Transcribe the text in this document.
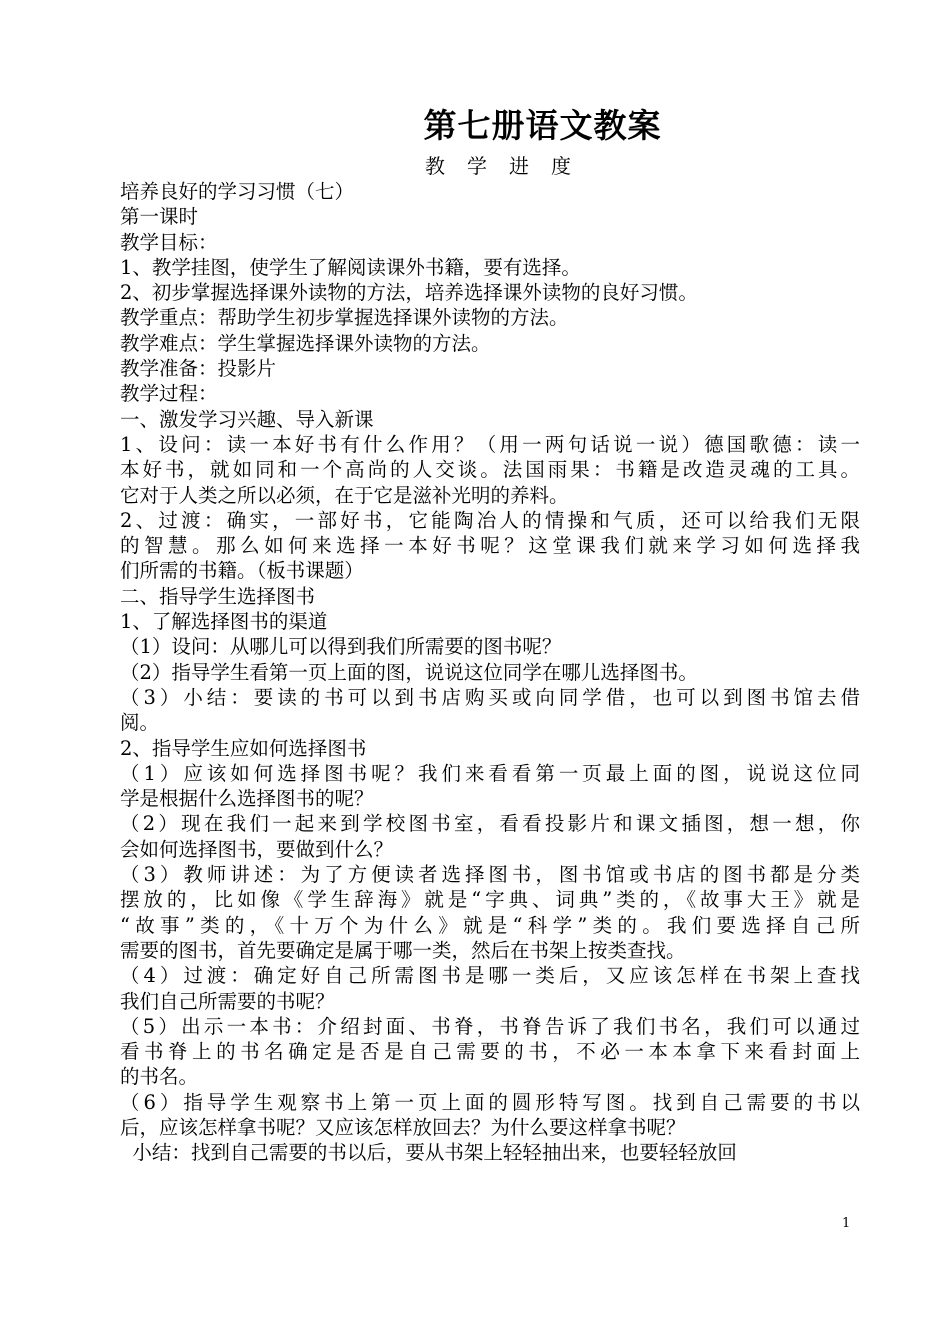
第七册语文教案
教学进度
培养良好的学习习惯（七）
第一课时
教学目标：
1、教学挂图，使学生了解阅读课外书籍，要有选择。
2、初步掌握选择课外读物的方法，培养选择课外读物的良好习惯。
教学重点：帮助学生初步掌握选择课外读物的方法。
教学难点：学生掌握选择课外读物的方法。
教学准备：投影片
教学过程：
一、激发学习兴趣、导入新课
1、设问：读一本好书有什么作用？（用一两句话说一说）德国歌德：读一
本好书，就如同和一个高尚的人交谈。法国雨果：书籍是改造灵魂的工具。
它对于人类之所以必须，在于它是滋补光明的养料。
2、过渡：确实，一部好书，它能陶冶人的情操和气质，还可以给我们无限
的智慧。那么如何来选择一本好书呢？这堂课我们就来学习如何选择我
们所需的书籍。（板书课题）
二、指导学生选择图书
1、了解选择图书的渠道
（1）设问：从哪儿可以得到我们所需要的图书呢？
（2）指导学生看第一页上面的图，说说这位同学在哪儿选择图书。
（3）小结：要读的书可以到书店购买或向同学借，也可以到图书馆去借
阅。
2、指导学生应如何选择图书
（1）应该如何选择图书呢？我们来看看第一页最上面的图，说说这位同
学是根据什么选择图书的呢？
（2）现在我们一起来到学校图书室，看看投影片和课文插图，想一想，你
会如何选择图书，要做到什么？
（3）教师讲述：为了方便读者选择图书，图书馆或书店的图书都是分类
摆放的，比如像《学生辞海》就是“字典、词典”类的，《故事大王》就是
“故事”类的，《十万个为什么》就是“科学”类的。我们要选择自己所
需要的图书，首先要确定是属于哪一类，然后在书架上按类查找。
（4）过渡：确定好自己所需图书是哪一类后，又应该怎样在书架上查找
我们自己所需要的书呢？
（5）出示一本书：介绍封面、书脊，书脊告诉了我们书名，我们可以通过
看书脊上的书名确定是否是自己需要的书，不必一本本拿下来看封面上
的书名。
（6）指导学生观察书上第一页上面的圆形特写图。找到自己需要的书以
后，应该怎样拿书呢？又应该怎样放回去？为什么要这样拿书呢？
小结：找到自己需要的书以后，要从书架上轻轻抽出来，也要轻轻放回
1
